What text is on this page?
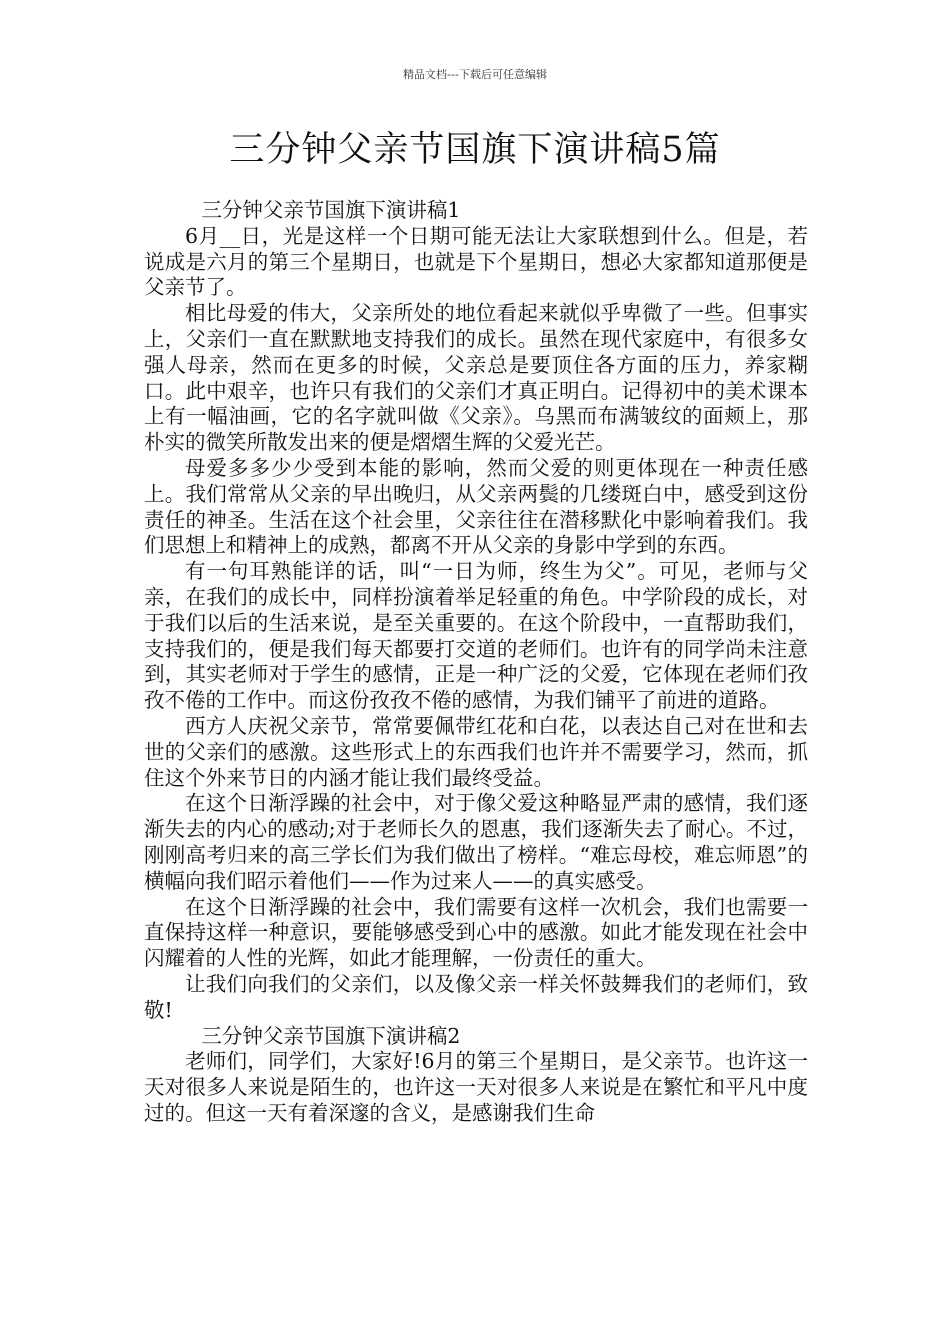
精品文档---下载后可任意编辑
三分钟父亲节国旗下演讲稿5篇

三分钟父亲节国旗下演讲稿1

6月__日，光是这样一个日期可能无法让大家联想到什么。但是，若说成是六月的第三个星期日，也就是下个星期日，想必大家都知道那便是父亲节了。

相比母爱的伟大，父亲所处的地位看起来就似乎卑微了一些。但事实上，父亲们一直在默默地支持我们的成长。虽然在现代家庭中，有很多女强人母亲，然而在更多的时候，父亲总是要顶住各方面的压力，养家糊口。此中艰辛，也许只有我们的父亲们才真正明白。记得初中的美术课本上有一幅油画，它的名字就叫做《父亲》。乌黑而布满皱纹的面颊上，那朴实的微笑所散发出来的便是熠熠生辉的父爱光芒。

母爱多多少少受到本能的影响，然而父爱的则更体现在一种责任感上。我们常常从父亲的早出晚归，从父亲两鬓的几缕斑白中，感受到这份责任的神圣。生活在这个社会里，父亲往往在潜移默化中影响着我们。我们思想上和精神上的成熟，都离不开从父亲的身影中学到的东西。

有一句耳熟能详的话，叫“一日为师，终生为父”。可见，老师与父亲，在我们的成长中，同样扮演着举足轻重的角色。中学阶段的成长，对于我们以后的生活来说，是至关重要的。在这个阶段中，一直帮助我们，支持我们的，便是我们每天都要打交道的老师们。也许有的同学尚未注意到，其实老师对于学生的感情，正是一种广泛的父爱，它体现在老师们孜孜不倦的工作中。而这份孜孜不倦的感情，为我们铺平了前进的道路。

西方人庆祝父亲节，常常要佩带红花和白花，以表达自己对在世和去世的父亲们的感激。这些形式上的东西我们也许并不需要学习，然而，抓住这个外来节日的内涵才能让我们最终受益。

在这个日渐浮躁的社会中，对于像父爱这种略显严肃的感情，我们逐渐失去的内心的感动;对于老师长久的恩惠，我们逐渐失去了耐心。不过，刚刚高考归来的高三学长们为我们做出了榜样。“难忘母校，难忘师恩”的横幅向我们昭示着他们——作为过来人——的真实感受。

在这个日渐浮躁的社会中，我们需要有这样一次机会，我们也需要一直保持这样一种意识，要能够感受到心中的感激。如此才能发现在社会中闪耀着的人性的光辉，如此才能理解，一份责任的重大。

让我们向我们的父亲们，以及像父亲一样关怀鼓舞我们的老师们，致敬!

三分钟父亲节国旗下演讲稿2

老师们，同学们，大家好!6月的第三个星期日，是父亲节。也许这一天对很多人来说是陌生的，也许这一天对很多人来说是在繁忙和平凡中度过的。但这一天有着深邃的含义，是感谢我们生命
